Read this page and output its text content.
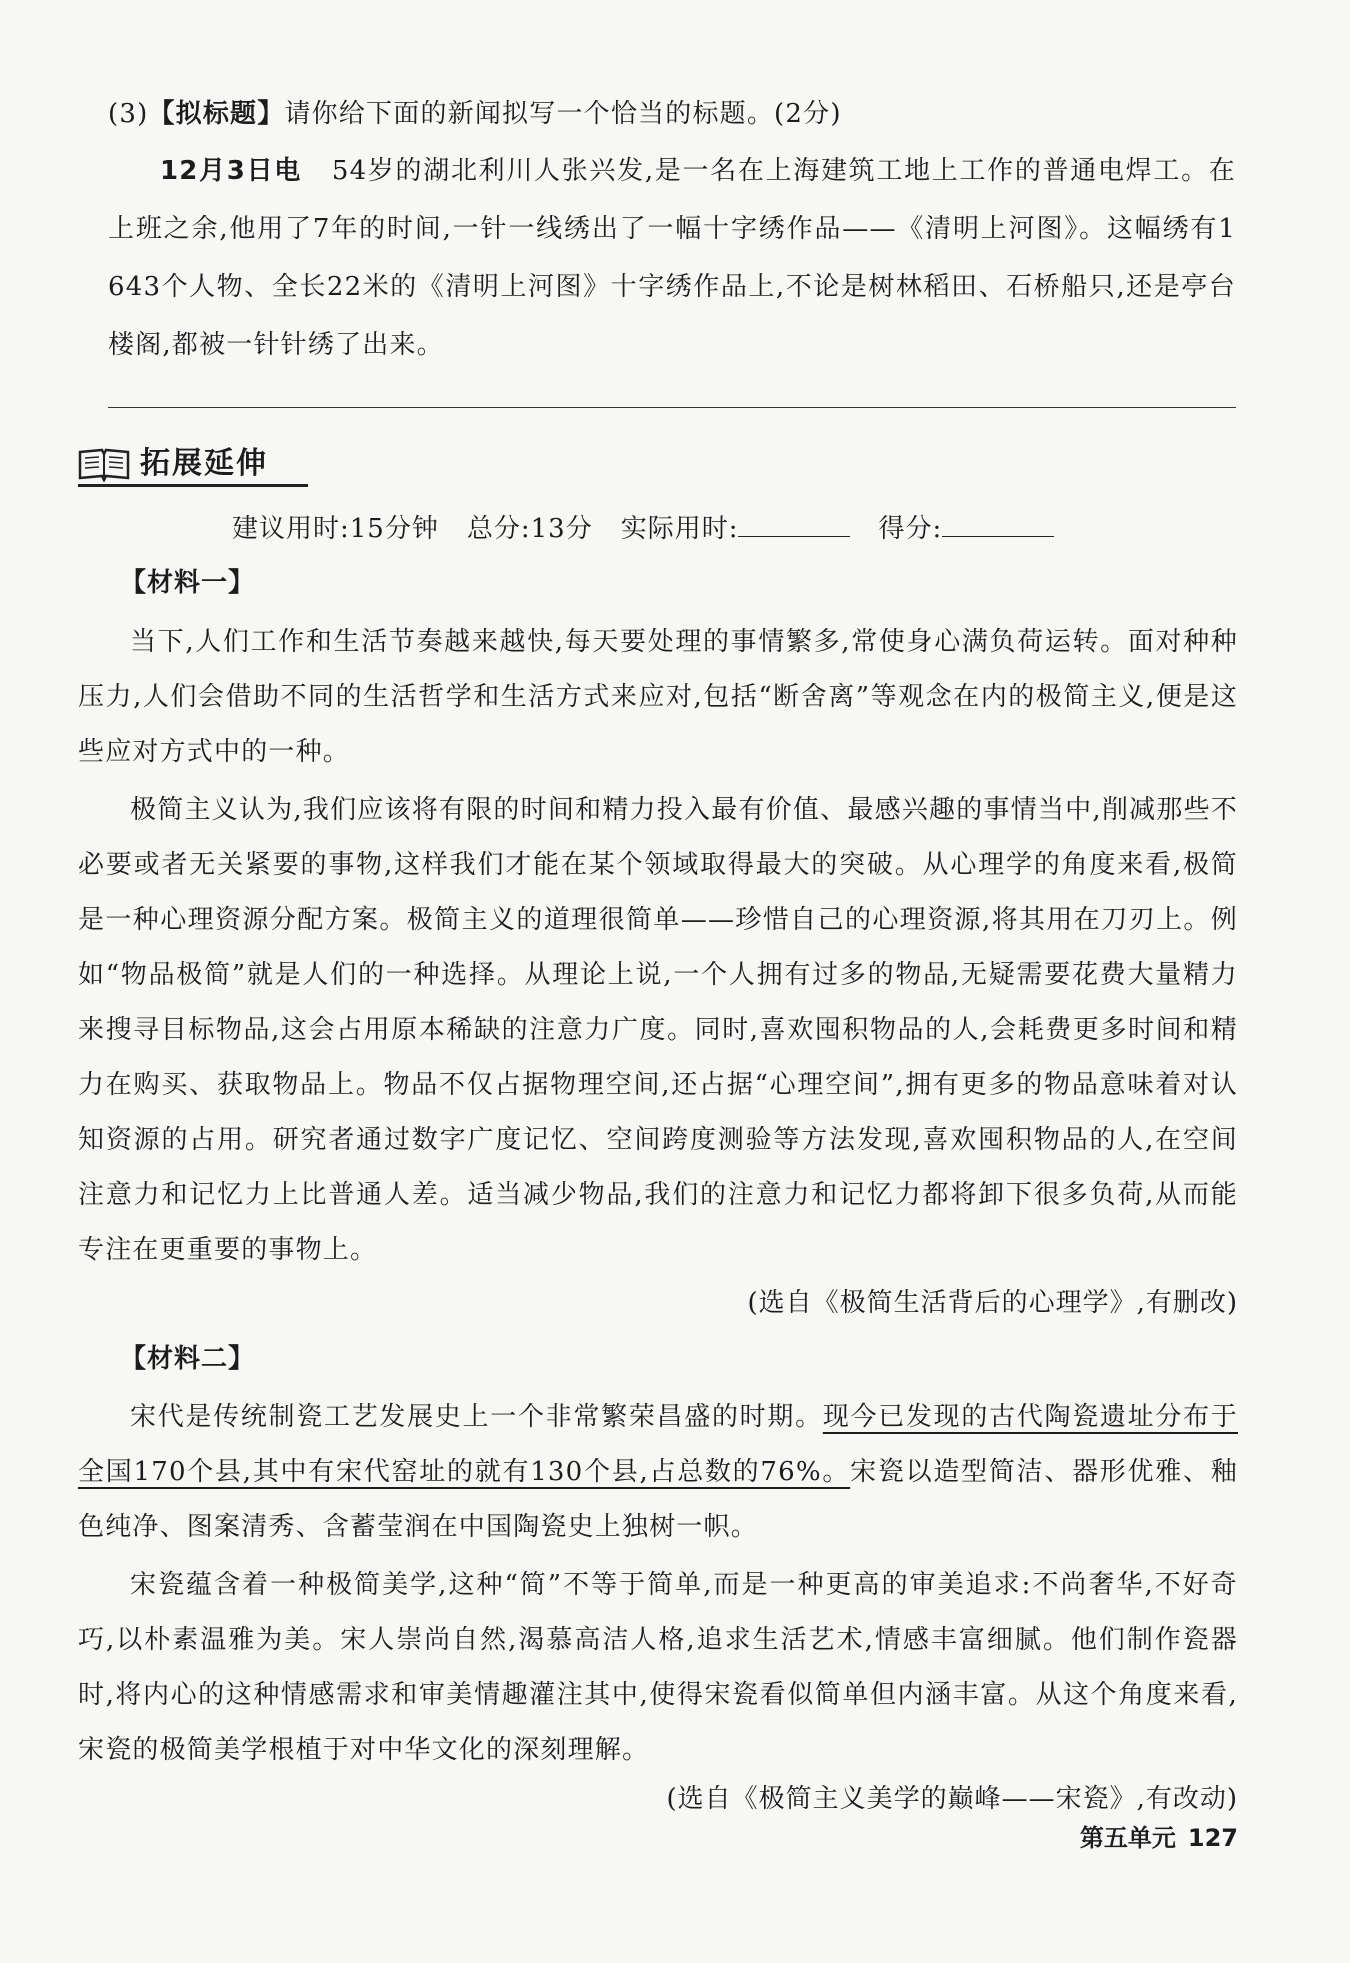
(3)【拟标题】请你给下面的新闻拟写一个恰当的标题。(2分)
12月3日电 54岁的湖北利川人张兴发,是一名在上海建筑工地上工作的普通电焊工。在上班之余,他用了7年的时间,一针一线绣出了一幅十字绣作品——《清明上河图》。这幅绣有1 643个人物、全长22米的《清明上河图》十字绣作品上,不论是树林稻田、石桥船只,还是亭台楼阁,都被一针针绣了出来。
拓展延伸
建议用时:15分钟 总分:13分 实际用时:	得分:
【材料一】
当下,人们工作和生活节奏越来越快,每天要处理的事情繁多,常使身心满负荷运转。面对种种压力,人们会借助不同的生活哲学和生活方式来应对,包括“断舍离”等观念在内的极简主义,便是这些应对方式中的一种。
极简主义认为,我们应该将有限的时间和精力投入最有价值、最感兴趣的事情当中,削减那些不必要或者无关紧要的事物,这样我们才能在某个领域取得最大的突破。从心理学的角度来看,极简是一种心理资源分配方案。极简主义的道理很简单——珍惜自己的心理资源,将其用在刀刃上。例如“物品极简”就是人们的一种选择。从理论上说,一个人拥有过多的物品,无疑需要花费大量精力来搜寻目标物品,这会占用原本稀缺的注意力广度。同时,喜欢囤积物品的人,会耗费更多时间和精力在购买、获取物品上。物品不仅占据物理空间,还占据“心理空间”,拥有更多的物品意味着对认知资源的占用。研究者通过数字广度记忆、空间跨度测验等方法发现,喜欢囤积物品的人,在空间注意力和记忆力上比普通人差。适当减少物品,我们的注意力和记忆力都将卸下很多负荷,从而能专注在更重要的事物上。
(选自《极简生活背后的心理学》,有删改)
【材料二】
宋代是传统制瓷工艺发展史上一个非常繁荣昌盛的时期。现今已发现的古代陶瓷遗址分布于全国170个县,其中有宋代窑址的就有130个县,占总数的76%。宋瓷以造型简洁、器形优雅、釉色纯净、图案清秀、含蓄莹润在中国陶瓷史上独树一帜。
宋瓷蕴含着一种极简美学,这种“简”不等于简单,而是一种更高的审美追求:不尚奢华,不好奇巧,以朴素温雅为美。宋人崇尚自然,渴慕高洁人格,追求生活艺术,情感丰富细腻。他们制作瓷器时,将内心的这种情感需求和审美情趣灌注其中,使得宋瓷看似简单但内涵丰富。从这个角度来看,宋瓷的极简美学根植于对中华文化的深刻理解。
(选自《极简主义美学的巅峰——宋瓷》,有改动)
第五单元 127
